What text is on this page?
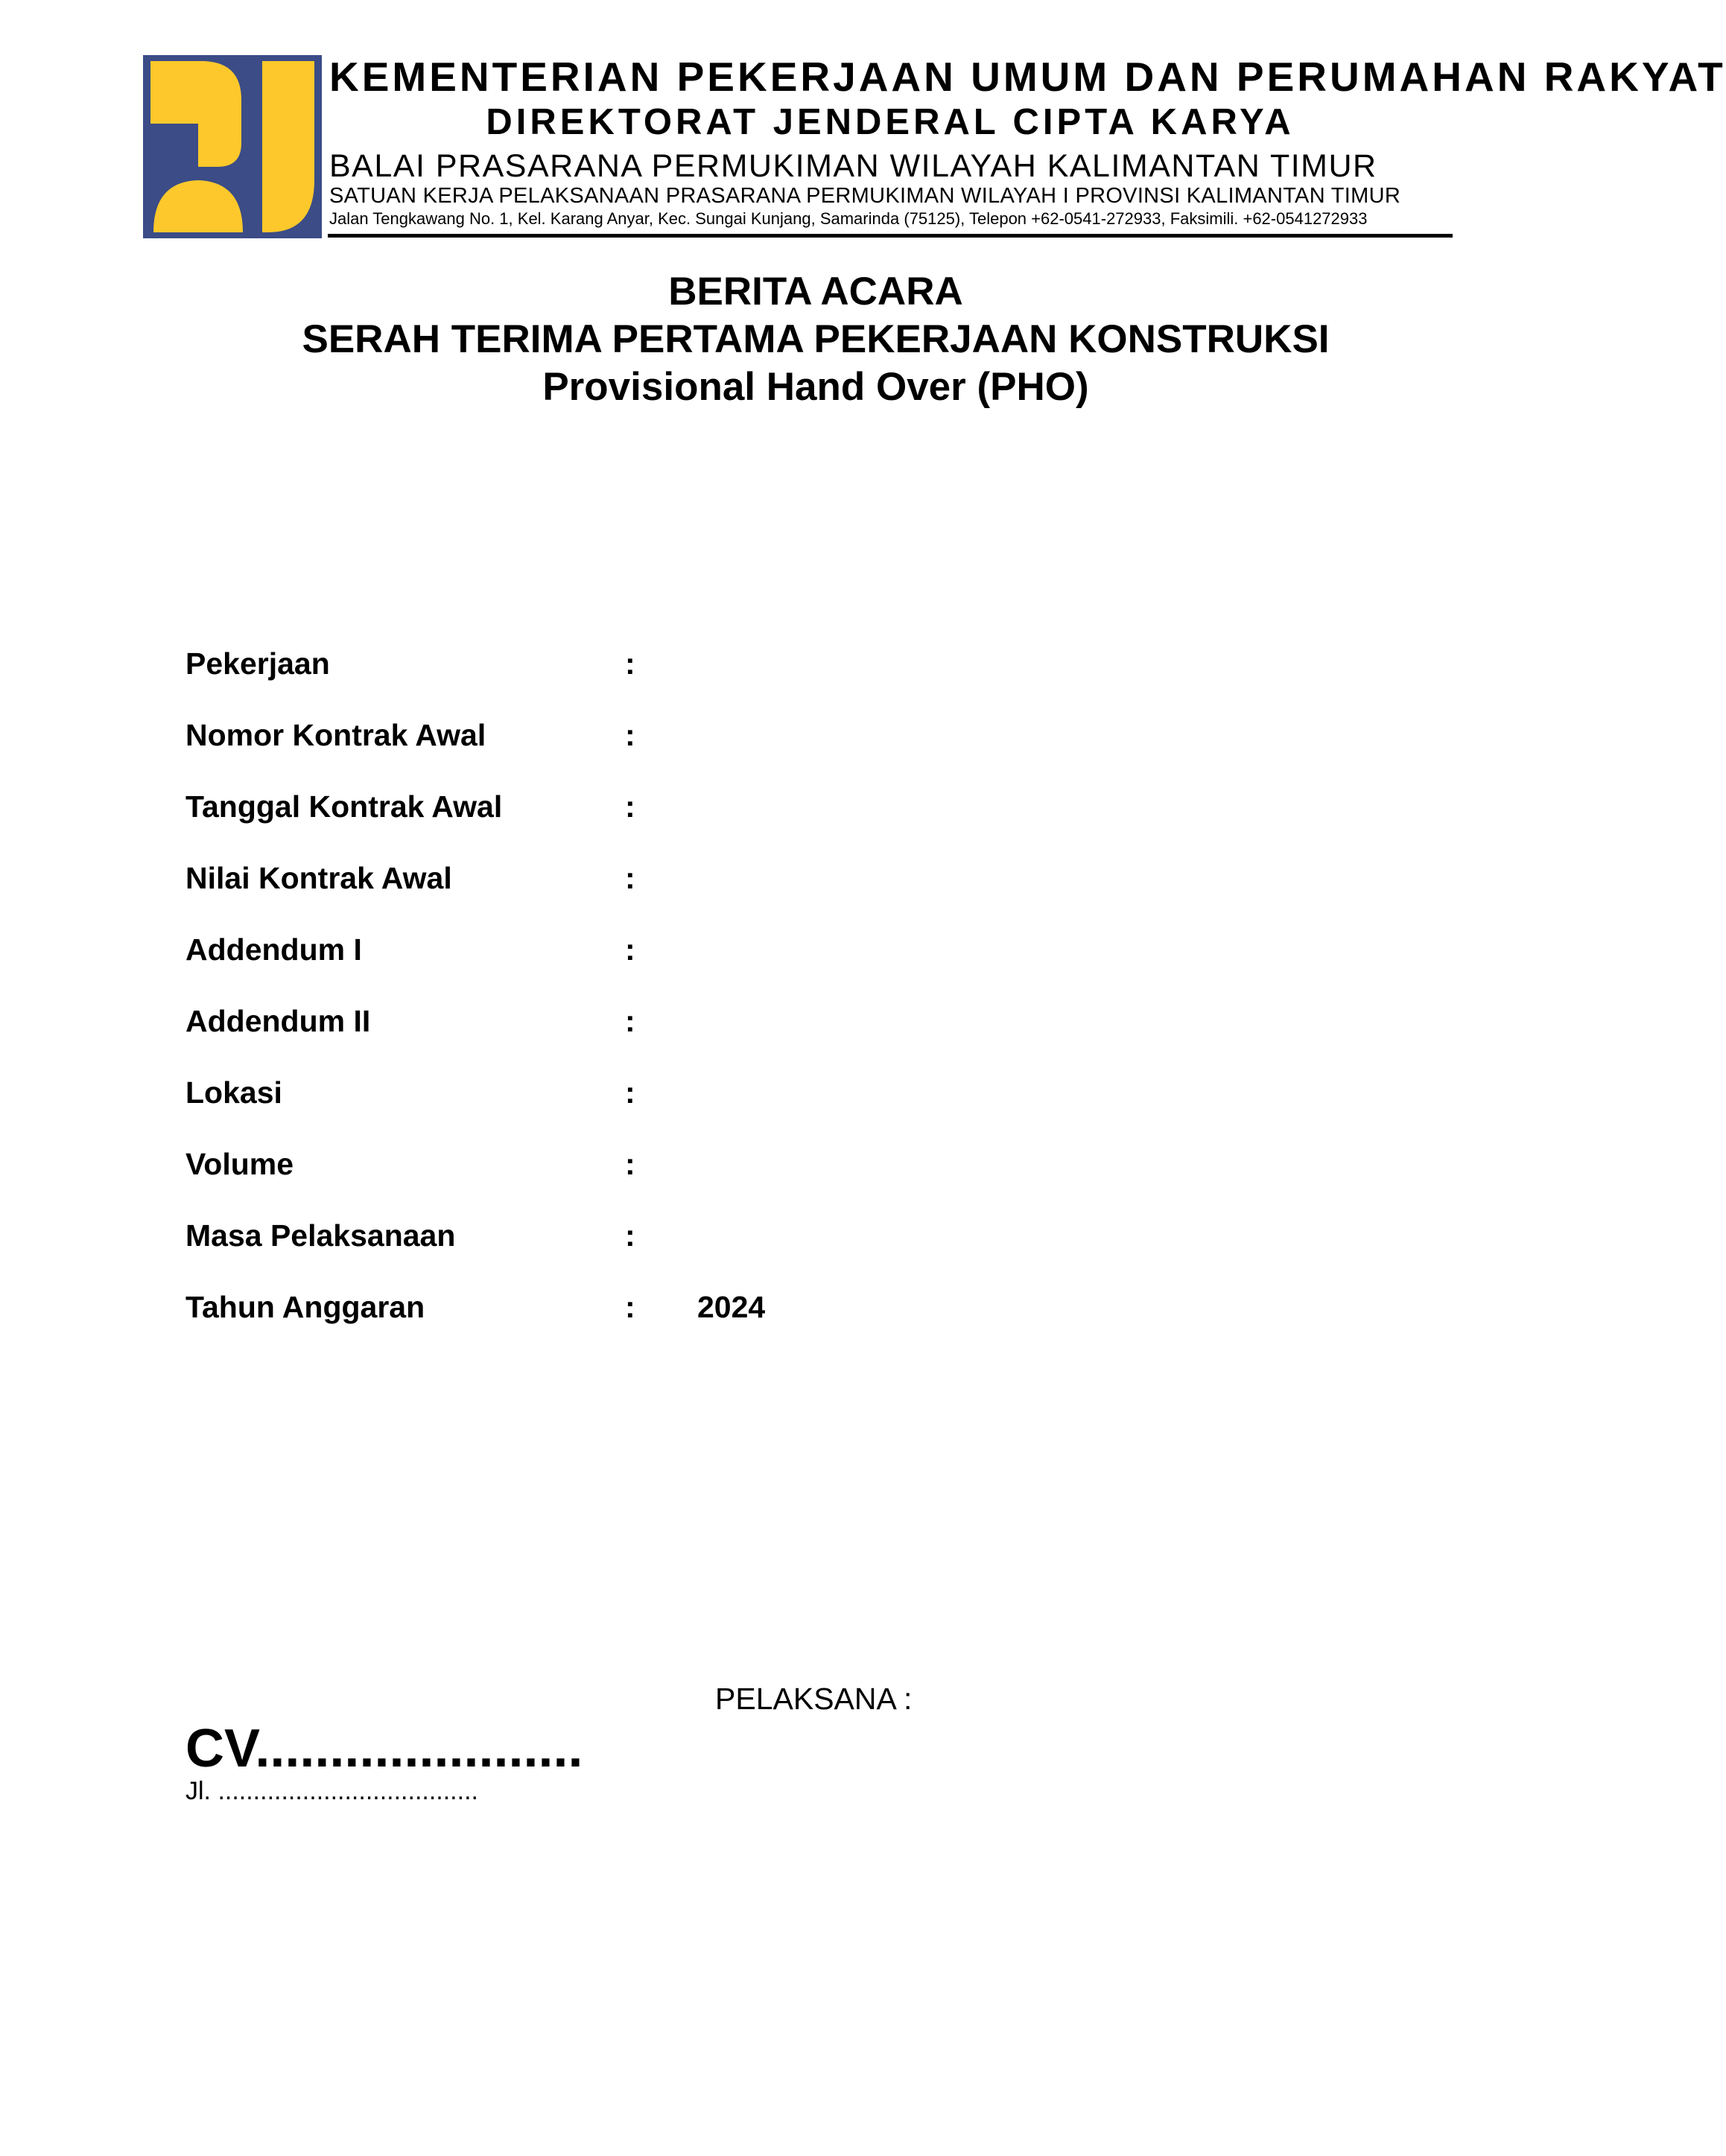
KEMENTERIAN PEKERJAAN UMUM DAN PERUMAHAN RAKYAT
DIREKTORAT JENDERAL CIPTA KARYA
BALAI PRASARANA PERMUKIMAN WILAYAH KALIMANTAN TIMUR
SATUAN KERJA PELAKSANAAN PRASARANA PERMUKIMAN WILAYAH I PROVINSI KALIMANTAN TIMUR
Jalan Tengkawang No. 1, Kel. Karang Anyar, Kec. Sungai Kunjang, Samarinda (75125), Telepon +62-0541-272933, Faksimili. +62-0541272933
BERITA ACARA
SERAH TERIMA PERTAMA PEKERJAAN KONSTRUKSI
Provisional Hand Over (PHO)
Pekerjaan	:
Nomor Kontrak Awal	:
Tanggal Kontrak Awal	:
Nilai Kontrak Awal	:
Addendum I	:
Addendum II	:
Lokasi	:
Volume	:
Masa Pelaksanaan	:
Tahun Anggaran	: 2024
PELAKSANA :
CV......................
Jl. .....................................
